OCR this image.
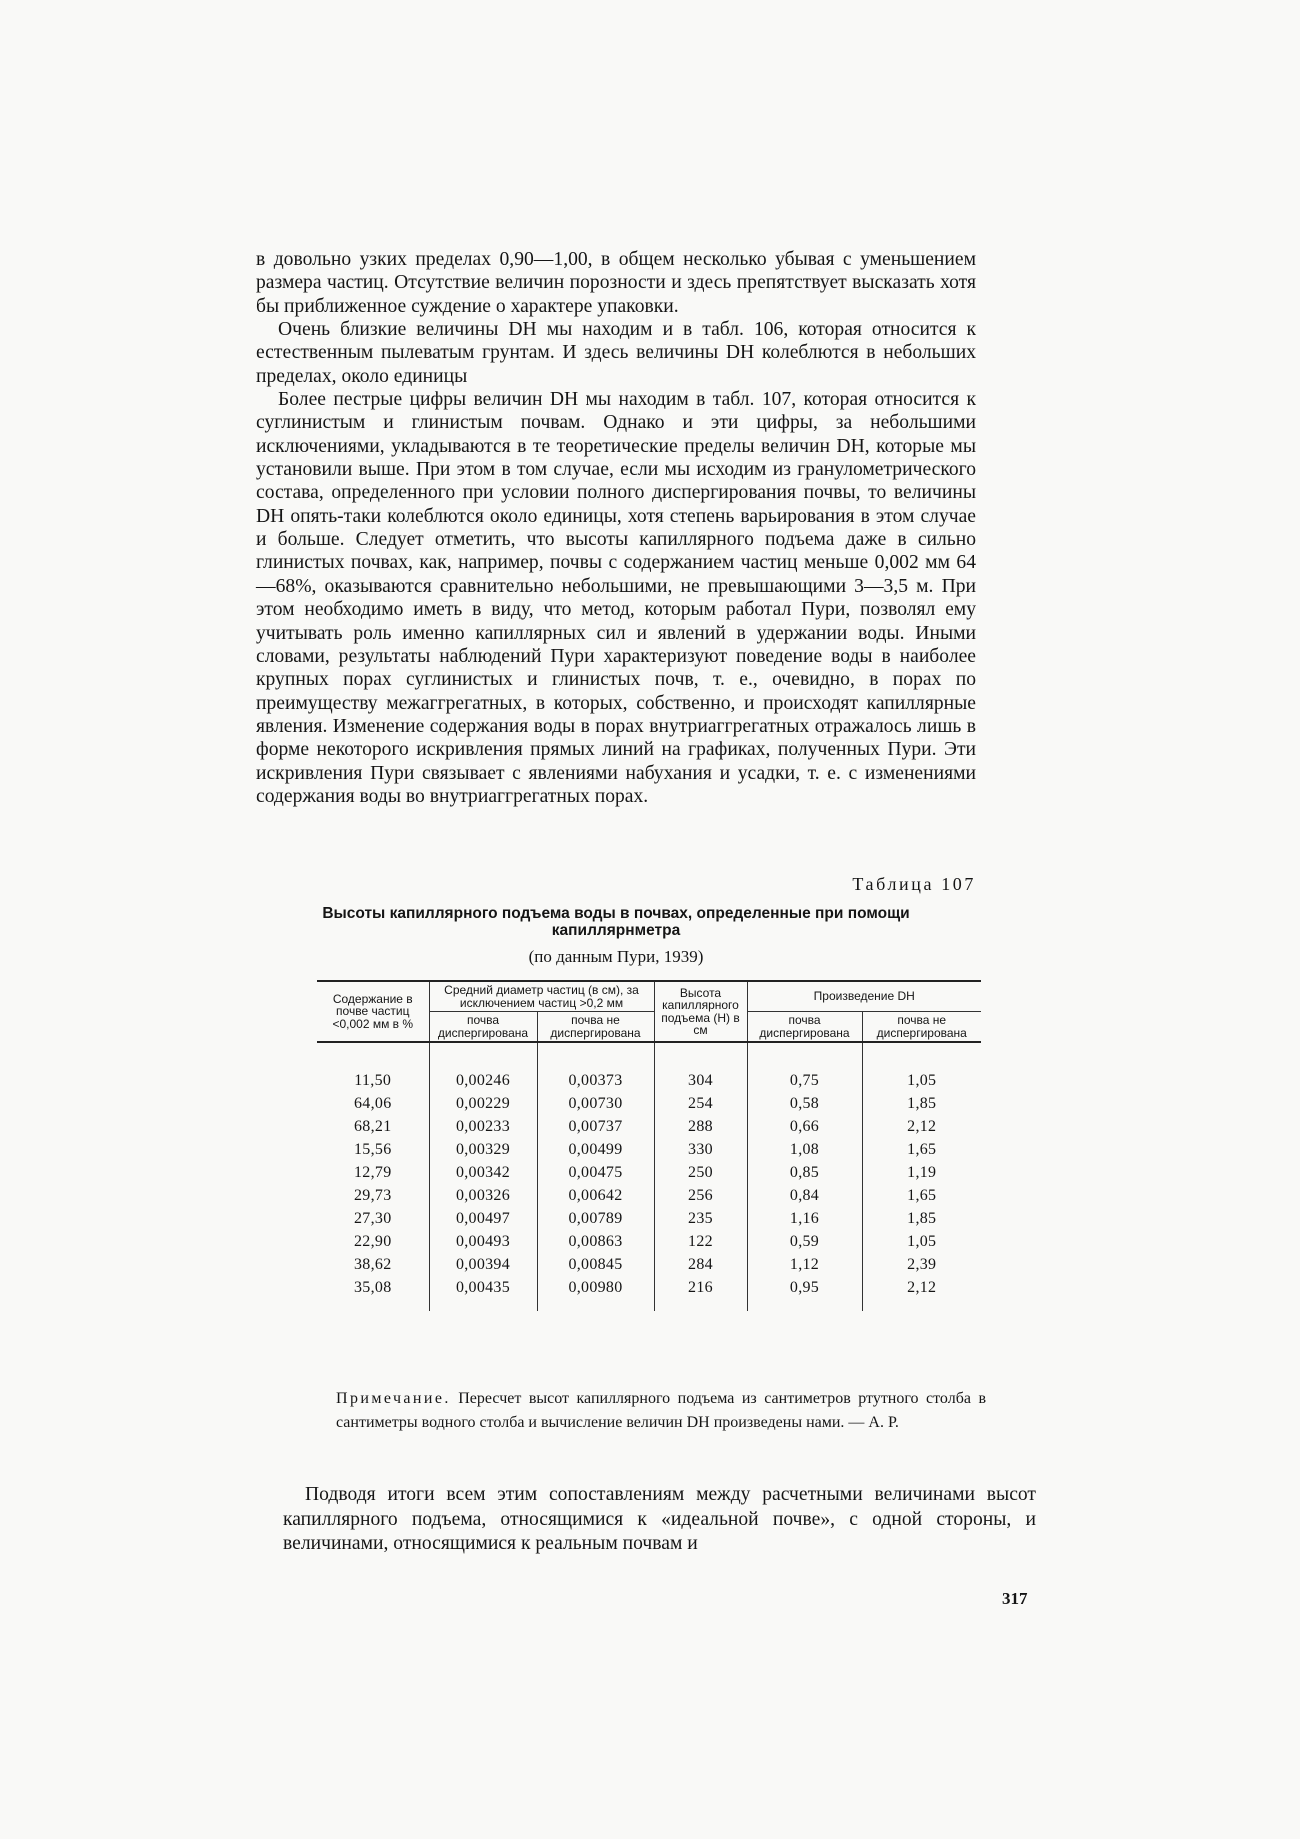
в довольно узких пределах 0,90—1,00, в общем несколько убывая с уменьшением размера частиц. Отсутствие величин порозности и здесь препятствует высказать хотя бы приближенное суждение о характере упаковки.

Очень близкие величины DH мы находим и в табл. 106, которая относится к естественным пылеватым грунтам. И здесь величины DH колеблются в небольших пределах, около единицы

Более пестрые цифры величин DH мы находим в табл. 107, которая относится к суглинистым и глинистым почвам. Однако и эти цифры, за небольшими исключениями, укладываются в те теоретические пределы величин DH, которые мы установили выше. При этом в том случае, если мы исходим из гранулометрического состава, определенного при условии полного диспергирования почвы, то величины DH опять-таки колеблются около единицы, хотя степень варьирования в этом случае и больше. Следует отметить, что высоты капиллярного подъема даже в сильно глинистых почвах, как, например, почвы с содержанием частиц меньше 0,002 мм 64—68%, оказываются сравнительно небольшими, не превышающими 3—3,5 м. При этом необходимо иметь в виду, что метод, которым работал Пури, позволял ему учитывать роль именно капиллярных сил и явлений в удержании воды. Иными словами, результаты наблюдений Пури характеризуют поведение воды в наиболее крупных порах суглинистых и глинистых почв, т. е., очевидно, в порах по преимуществу межаггрегатных, в которых, собственно, и происходят капиллярные явления. Изменение содержания воды в порах внутриаггрегатных отражалось лишь в форме некоторого искривления прямых линий на графиках, полученных Пури. Эти искривления Пури связывает с явлениями набухания и усадки, т. е. с изменениями содержания воды во внутриаггрегатных порах.

Таблица 107

Высоты капиллярного подъема воды в почвах, определенные при помощи капиллярнметра
(по данным Пури, 1939)
Содержание в почве частиц <0,002 мм в %	Средний диаметр частиц (в см), за исключением частиц >0,2 мм		Высота капиллярного подъема (H) в см	Произведение DH	
	почва диспергирована	почва не диспергирована		почва диспергирована	почва не диспергирована

11,50	0,00246	0,00373	304	0,75	1,05
64,06	0,00229	0,00730	254	0,58	1,85
68,21	0,00233	0,00737	288	0,66	2,12
15,56	0,00329	0,00499	330	1,08	1,65
12,79	0,00342	0,00475	250	0,85	1,19
29,73	0,00326	0,00642	256	0,84	1,65
27,30	0,00497	0,00789	235	1,16	1,85
22,90	0,00493	0,00863	122	0,59	1,05
38,62	0,00394	0,00845	284	1,12	2,39
35,08	0,00435	0,00980	216	0,95	2,12

Примечание. Пересчет высот капиллярного подъема из сантиметров ртутного столба в сантиметры водного столба и вычисление величин DH произведены нами. — А. Р.
Подводя итоги всем этим сопоставлениям между расчетными величинами высот капиллярного подъема, относящимися к «идеальной почве», с одной стороны, и величинами, относящимися к реальным почвам и
317
